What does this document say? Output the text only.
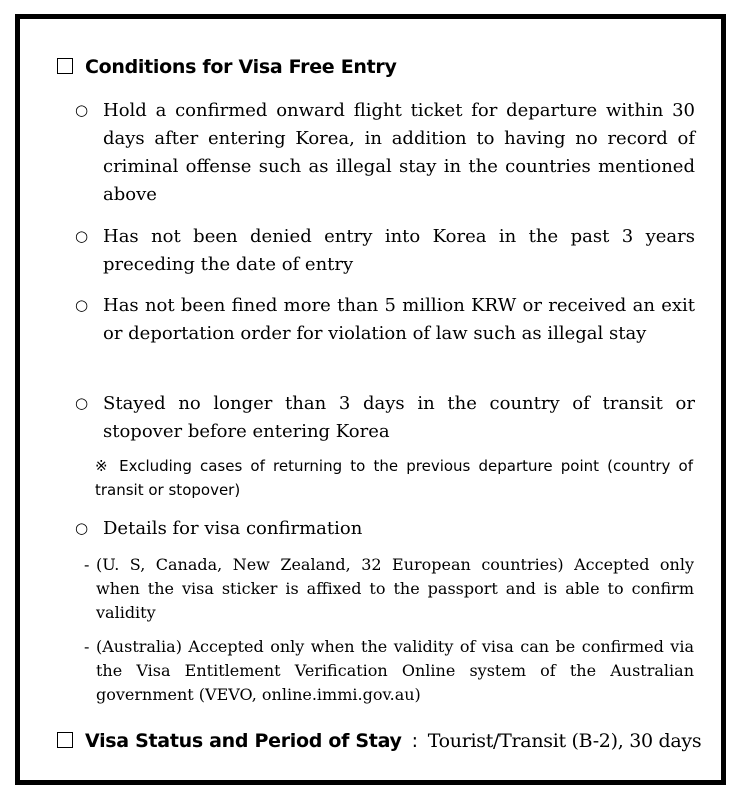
Conditions for Visa Free Entry
○ Hold a confirmed onward flight ticket for departure within 30 days after entering Korea, in addition to having no record of criminal offense such as illegal stay in the countries mentioned above
○ Has not been denied entry into Korea in the past 3 years preceding the date of entry
○ Has not been fined more than 5 million KRW or received an exit or deportation order for violation of law such as illegal stay
○ Stayed no longer than 3 days in the country of transit or stopover before entering Korea
※ Excluding cases of returning to the previous departure point (country of transit or stopover)
○ Details for visa confirmation
- (U. S, Canada, New Zealand, 32 European countries) Accepted only when the visa sticker is affixed to the passport and is able to confirm validity
- (Australia) Accepted only when the validity of visa can be confirmed via the Visa Entitlement Verification Online system of the Australian government (VEVO, online.immi.gov.au)
Visa Status and Period of Stay : Tourist/Transit (B-2), 30 days
